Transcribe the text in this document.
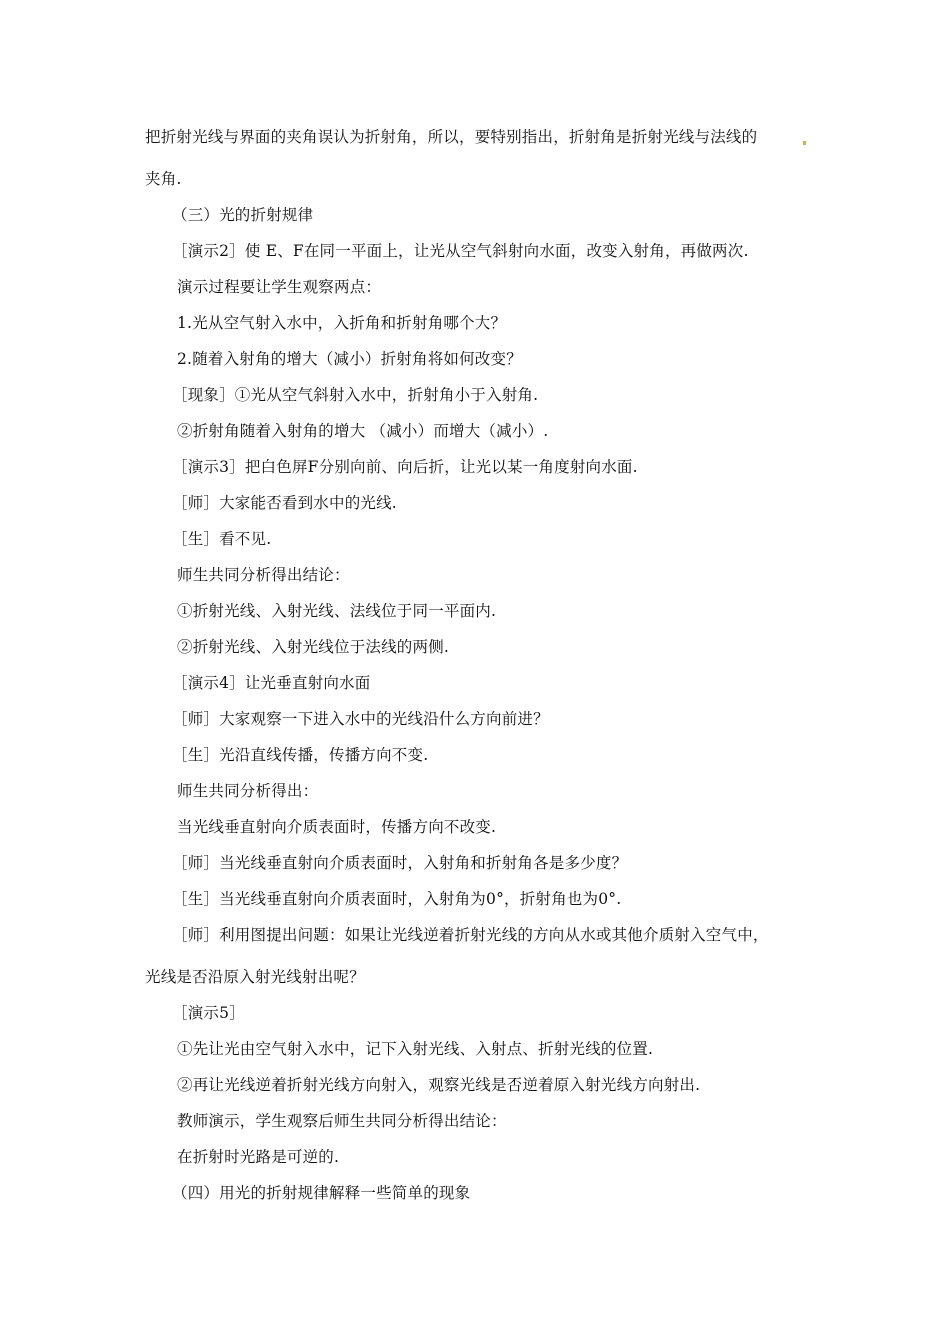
把折射光线与界面的夹角误认为折射角，所以，要特别指出，折射角是折射光线与法线的
夹角.
（三）光的折射规律
［演示2］使 E、F在同一平面上，让光从空气斜射向水面，改变入射角，再做两次.
演示过程要让学生观察两点：
1.光从空气射入水中，入折角和折射角哪个大？
2.随着入射角的增大（减小）折射角将如何改变？
［现象］①光从空气斜射入水中，折射角小于入射角.
②折射角随着入射角的增大 （减小）而增大（减小）.
［演示3］把白色屏F分别向前、向后折，让光以某一角度射向水面.
［师］大家能否看到水中的光线.
［生］看不见.
师生共同分析得出结论：
①折射光线、入射光线、法线位于同一平面内.
②折射光线、入射光线位于法线的两侧.
［演示4］让光垂直射向水面
［师］大家观察一下进入水中的光线沿什么方向前进？
［生］光沿直线传播，传播方向不变.
师生共同分析得出：
当光线垂直射向介质表面时，传播方向不改变.
［师］当光线垂直射向介质表面时，入射角和折射角各是多少度？
［生］当光线垂直射向介质表面时，入射角为0°，折射角也为0°.
［师］利用图提出问题：如果让光线逆着折射光线的方向从水或其他介质射入空气中，
光线是否沿原入射光线射出呢？
［演示5］
①先让光由空气射入水中，记下入射光线、入射点、折射光线的位置.
②再让光线逆着折射光线方向射入，观察光线是否逆着原入射光线方向射出.
教师演示，学生观察后师生共同分析得出结论：
在折射时光路是可逆的.
（四）用光的折射规律解释一些简单的现象
